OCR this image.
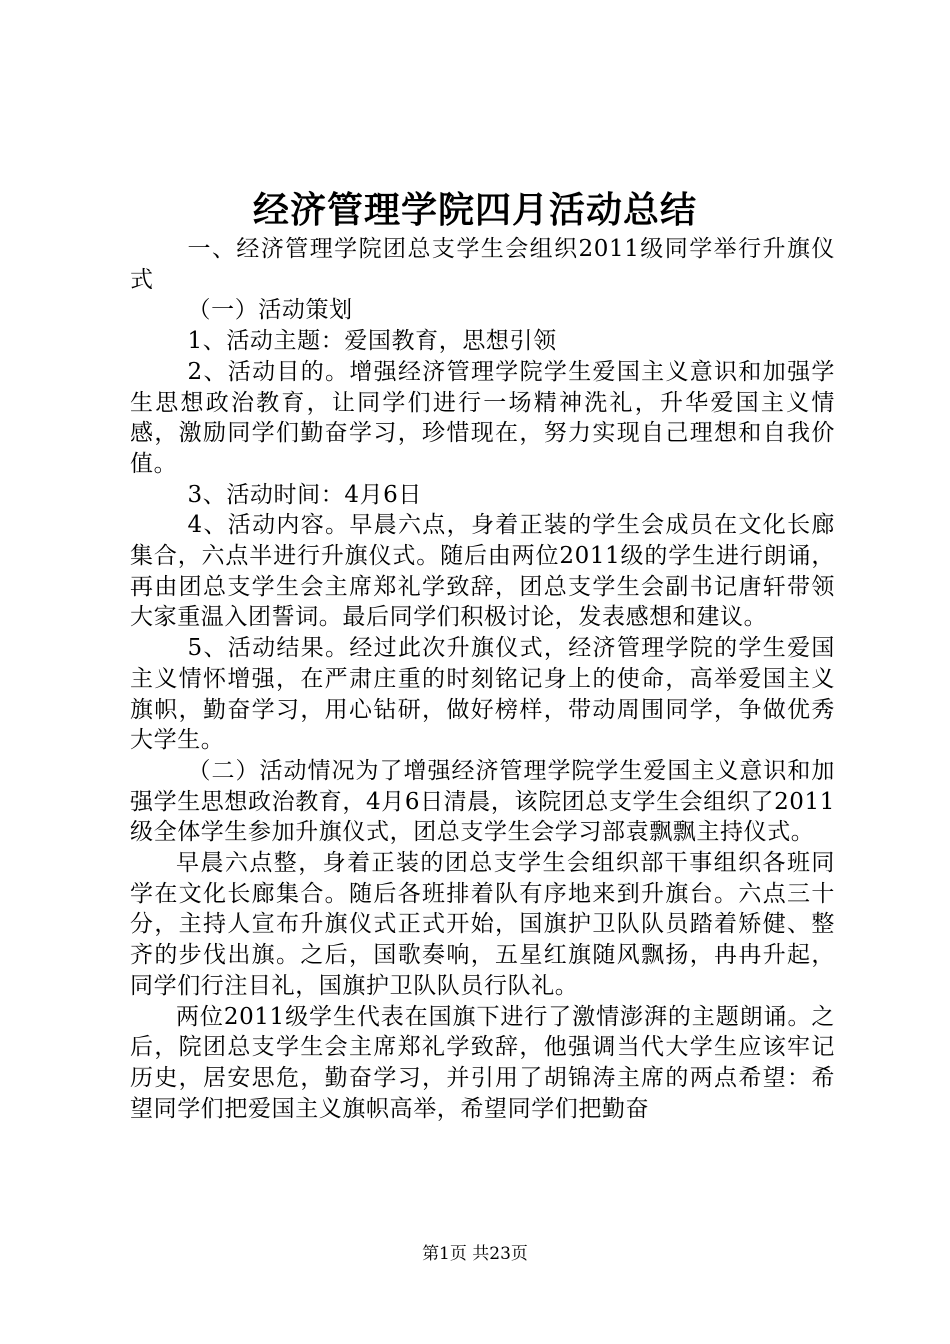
经济管理学院四月活动总结

一、经济管理学院团总支学生会组织2011级同学举行升旗仪式

（一）活动策划

1、活动主题：爱国教育，思想引领

2、活动目的。增强经济管理学院学生爱国主义意识和加强学生思想政治教育，让同学们进行一场精神洗礼，升华爱国主义情感，激励同学们勤奋学习，珍惜现在，努力实现自己理想和自我价值。

3、活动时间：4月6日

4、活动内容。早晨六点，身着正装的学生会成员在文化长廊集合，六点半进行升旗仪式。随后由两位2011级的学生进行朗诵，再由团总支学生会主席郑礼学致辞，团总支学生会副书记唐轩带领大家重温入团誓词。最后同学们积极讨论，发表感想和建议。

5、活动结果。经过此次升旗仪式，经济管理学院的学生爱国主义情怀增强，在严肃庄重的时刻铭记身上的使命，高举爱国主义旗帜，勤奋学习，用心钻研，做好榜样，带动周围同学，争做优秀大学生。

（二）活动情况为了增强经济管理学院学生爱国主义意识和加强学生思想政治教育，4月6日清晨，该院团总支学生会组织了2011级全体学生参加升旗仪式，团总支学生会学习部袁飘飘主持仪式。

早晨六点整，身着正装的团总支学生会组织部干事组织各班同学在文化长廊集合。随后各班排着队有序地来到升旗台。六点三十分，主持人宣布升旗仪式正式开始，国旗护卫队队员踏着矫健、整齐的步伐出旗。之后，国歌奏响，五星红旗随风飘扬，冉冉升起，同学们行注目礼，国旗护卫队队员行队礼。

两位2011级学生代表在国旗下进行了激情澎湃的主题朗诵。之后，院团总支学生会主席郑礼学致辞，他强调当代大学生应该牢记历史，居安思危，勤奋学习，并引用了胡锦涛主席的两点希望：希望同学们把爱国主义旗帜高举，希望同学们把勤奋

第1页 共23页
